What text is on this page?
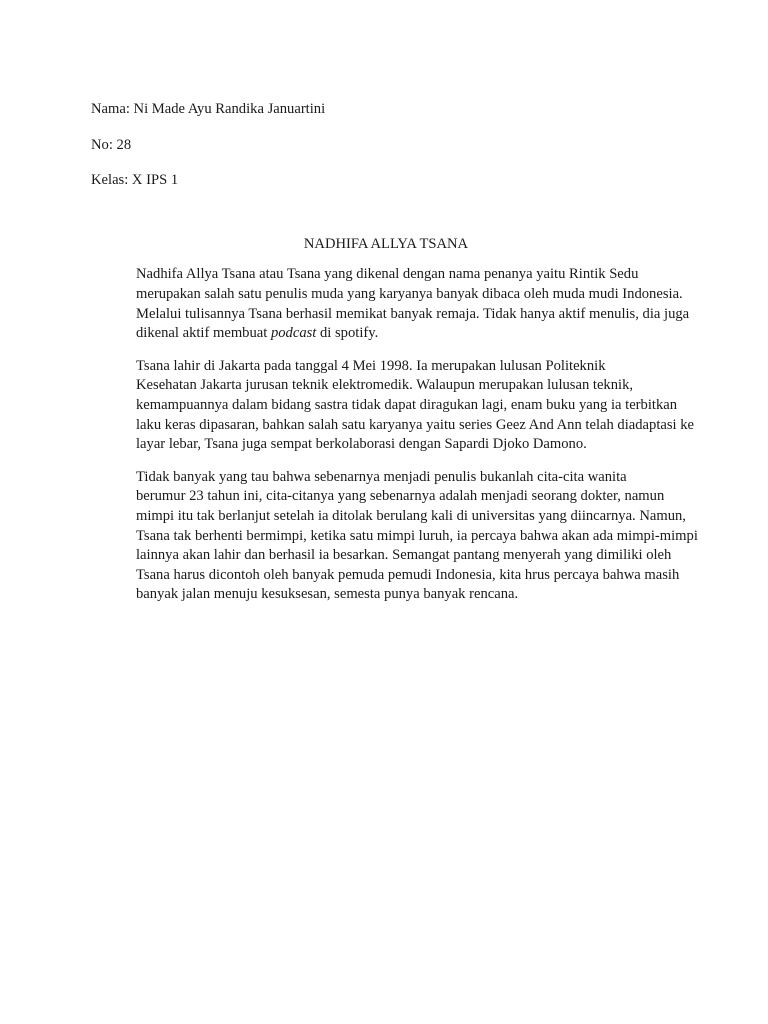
Nama: Ni Made Ayu Randika Januartini
No: 28
Kelas: X IPS 1
NADHIFA ALLYA TSANA
Nadhifa Allya Tsana atau Tsana yang dikenal dengan nama penanya yaitu Rintik Sedu
merupakan salah satu penulis muda yang karyanya banyak dibaca oleh muda mudi Indonesia.
Melalui tulisannya Tsana berhasil memikat banyak remaja. Tidak hanya aktif menulis, dia juga
dikenal aktif membuat podcast di spotify.
Tsana lahir di Jakarta pada tanggal 4 Mei 1998. Ia merupakan lulusan Politeknik
Kesehatan Jakarta jurusan teknik elektromedik. Walaupun merupakan lulusan teknik,
kemampuannya dalam bidang sastra tidak dapat diragukan lagi, enam buku yang ia terbitkan
laku keras dipasaran, bahkan salah satu karyanya yaitu series Geez And Ann telah diadaptasi ke
layar lebar, Tsana juga sempat berkolaborasi dengan Sapardi Djoko Damono.
Tidak banyak yang tau bahwa sebenarnya menjadi penulis bukanlah cita-cita wanita
berumur 23 tahun ini, cita-citanya yang sebenarnya adalah menjadi seorang dokter, namun
mimpi itu tak berlanjut setelah ia ditolak berulang kali di universitas yang diincarnya. Namun,
Tsana tak berhenti bermimpi, ketika satu mimpi luruh, ia percaya bahwa akan ada mimpi-mimpi
lainnya akan lahir dan berhasil ia besarkan. Semangat pantang menyerah yang dimiliki oleh
Tsana harus dicontoh oleh banyak pemuda pemudi Indonesia, kita hrus percaya bahwa masih
banyak jalan menuju kesuksesan, semesta punya banyak rencana.
